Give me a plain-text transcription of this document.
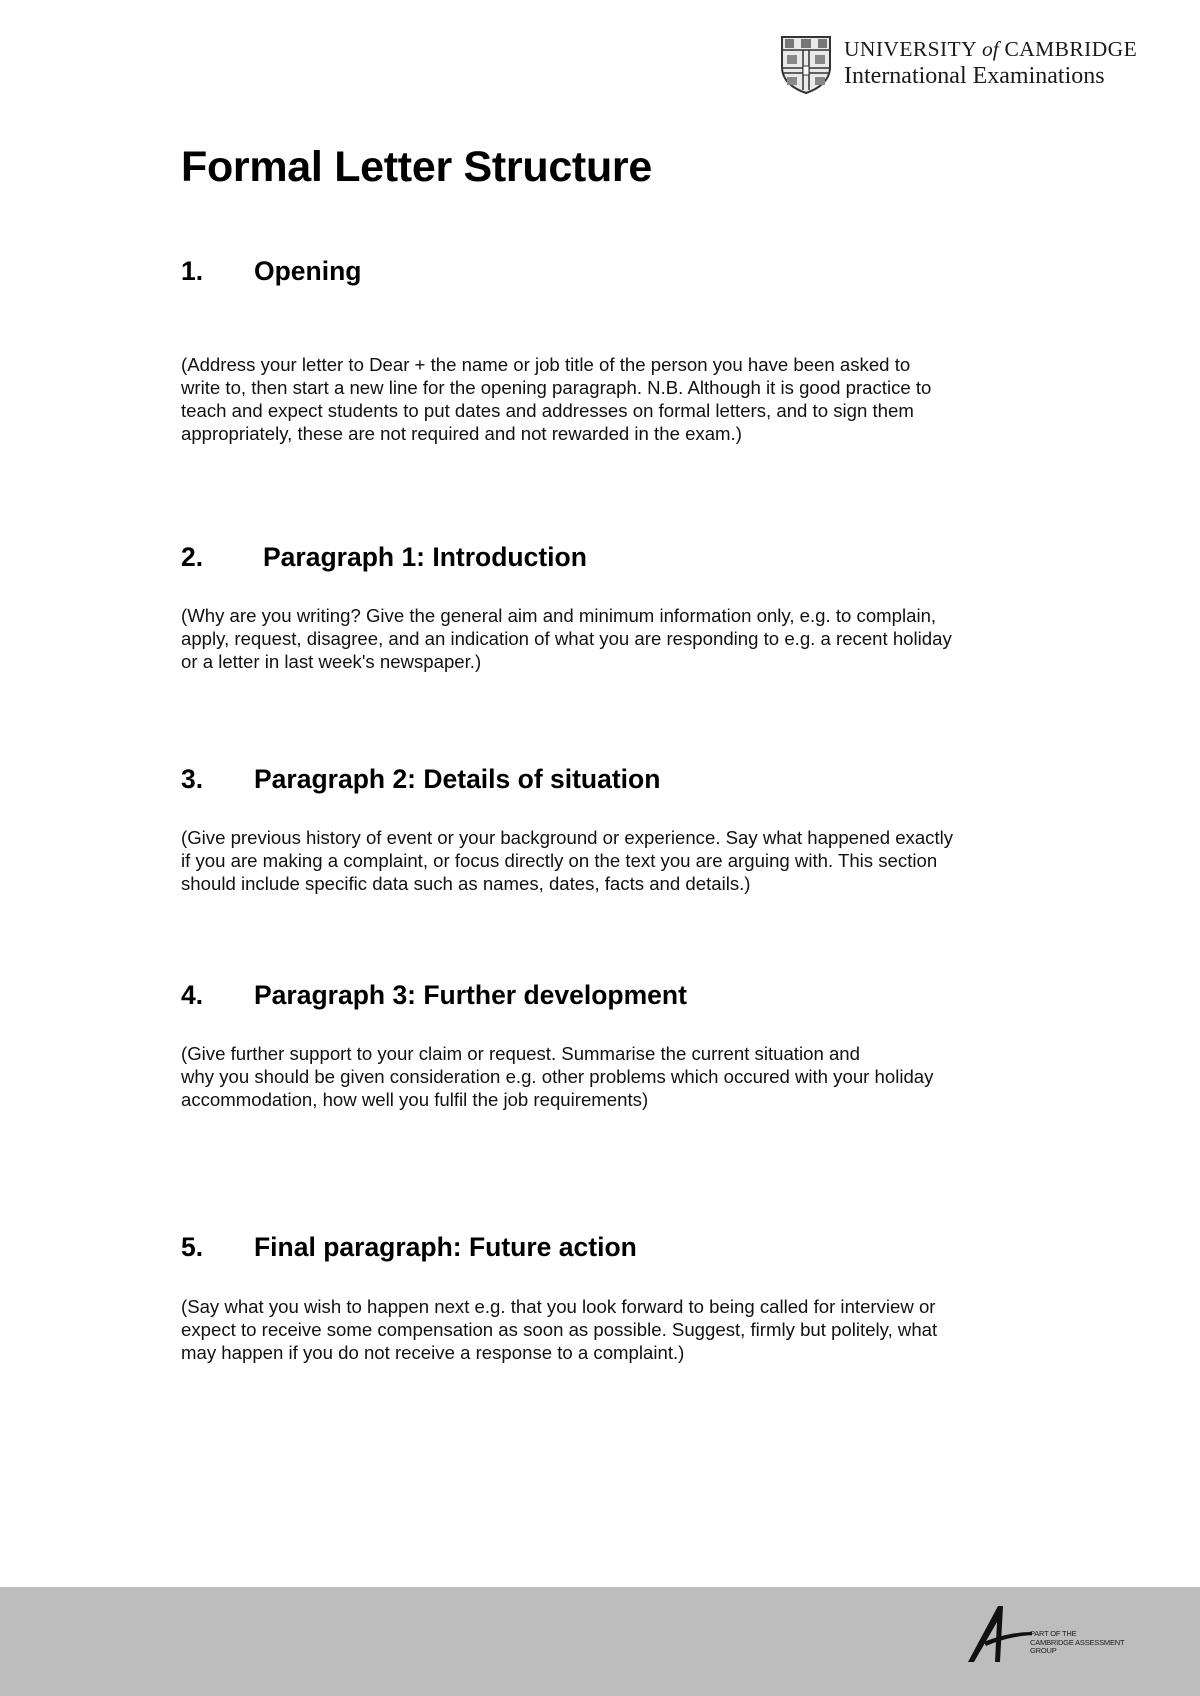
UNIVERSITY of CAMBRIDGE
International Examinations
Formal Letter Structure
1. Opening

(Address your letter to Dear + the name or job title of the person you have been asked to
write to, then start a new line for the opening paragraph. N.B. Although it is good practice to
teach and expect students to put dates and addresses on formal letters, and to sign them
appropriately, these are not required and not rewarded in the exam.)

2. Paragraph 1: Introduction

(Why are you writing? Give the general aim and minimum information only, e.g. to complain,
apply, request, disagree, and an indication of what you are responding to e.g. a recent holiday
or a letter in last week's newspaper.)

3. Paragraph 2: Details of situation

(Give previous history of event or your background or experience. Say what happened exactly
if you are making a complaint, or focus directly on the text you are arguing with. This section
should include specific data such as names, dates, facts and details.)

4. Paragraph 3: Further development

(Give further support to your claim or request. Summarise the current situation and
why you should be given consideration e.g. other problems which occured with your holiday
accommodation, how well you fulfil the job requirements)

5. Final paragraph: Future action

(Say what you wish to happen next e.g. that you look forward to being called for interview or
expect to receive some compensation as soon as possible. Suggest, firmly but politely, what
may happen if you do not receive a response to a complaint.)

PART OF THE
CAMBRIDGE ASSESSMENT
GROUP
